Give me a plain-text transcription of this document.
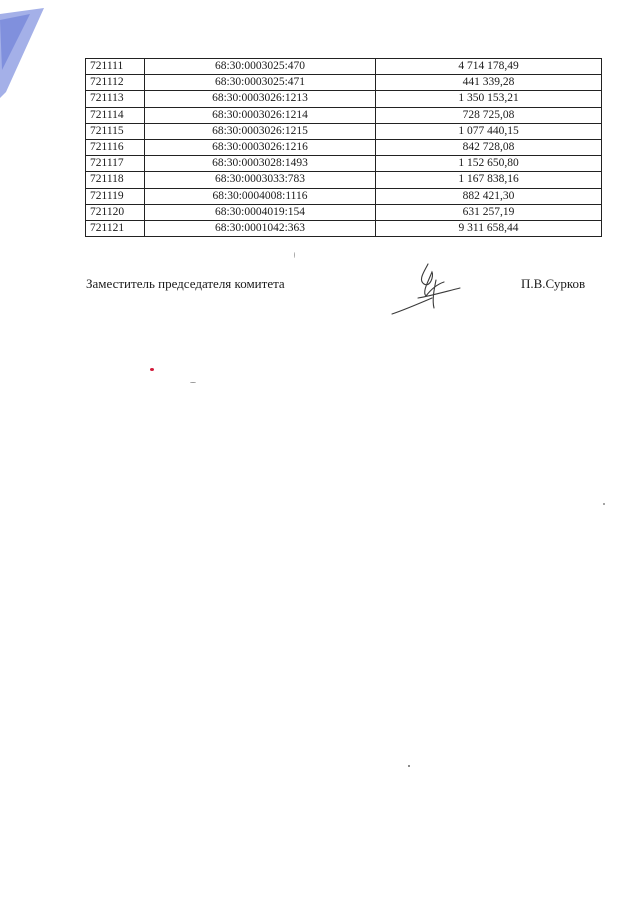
721111	68:30:0003025:470	4 714 178,49
721112	68:30:0003025:471	441 339,28
721113	68:30:0003026:1213	1 350 153,21
721114	68:30:0003026:1214	728 725,08
721115	68:30:0003026:1215	1 077 440,15
721116	68:30:0003026:1216	842 728,08
721117	68:30:0003028:1493	1 152 650,80
721118	68:30:0003033:783	1 167 838,16
721119	68:30:0004008:1116	882 421,30
721120	68:30:0004019:154	631 257,19
721121	68:30:0001042:363	9 311 658,44
Заместитель председателя комитета	П.В.Сурков
